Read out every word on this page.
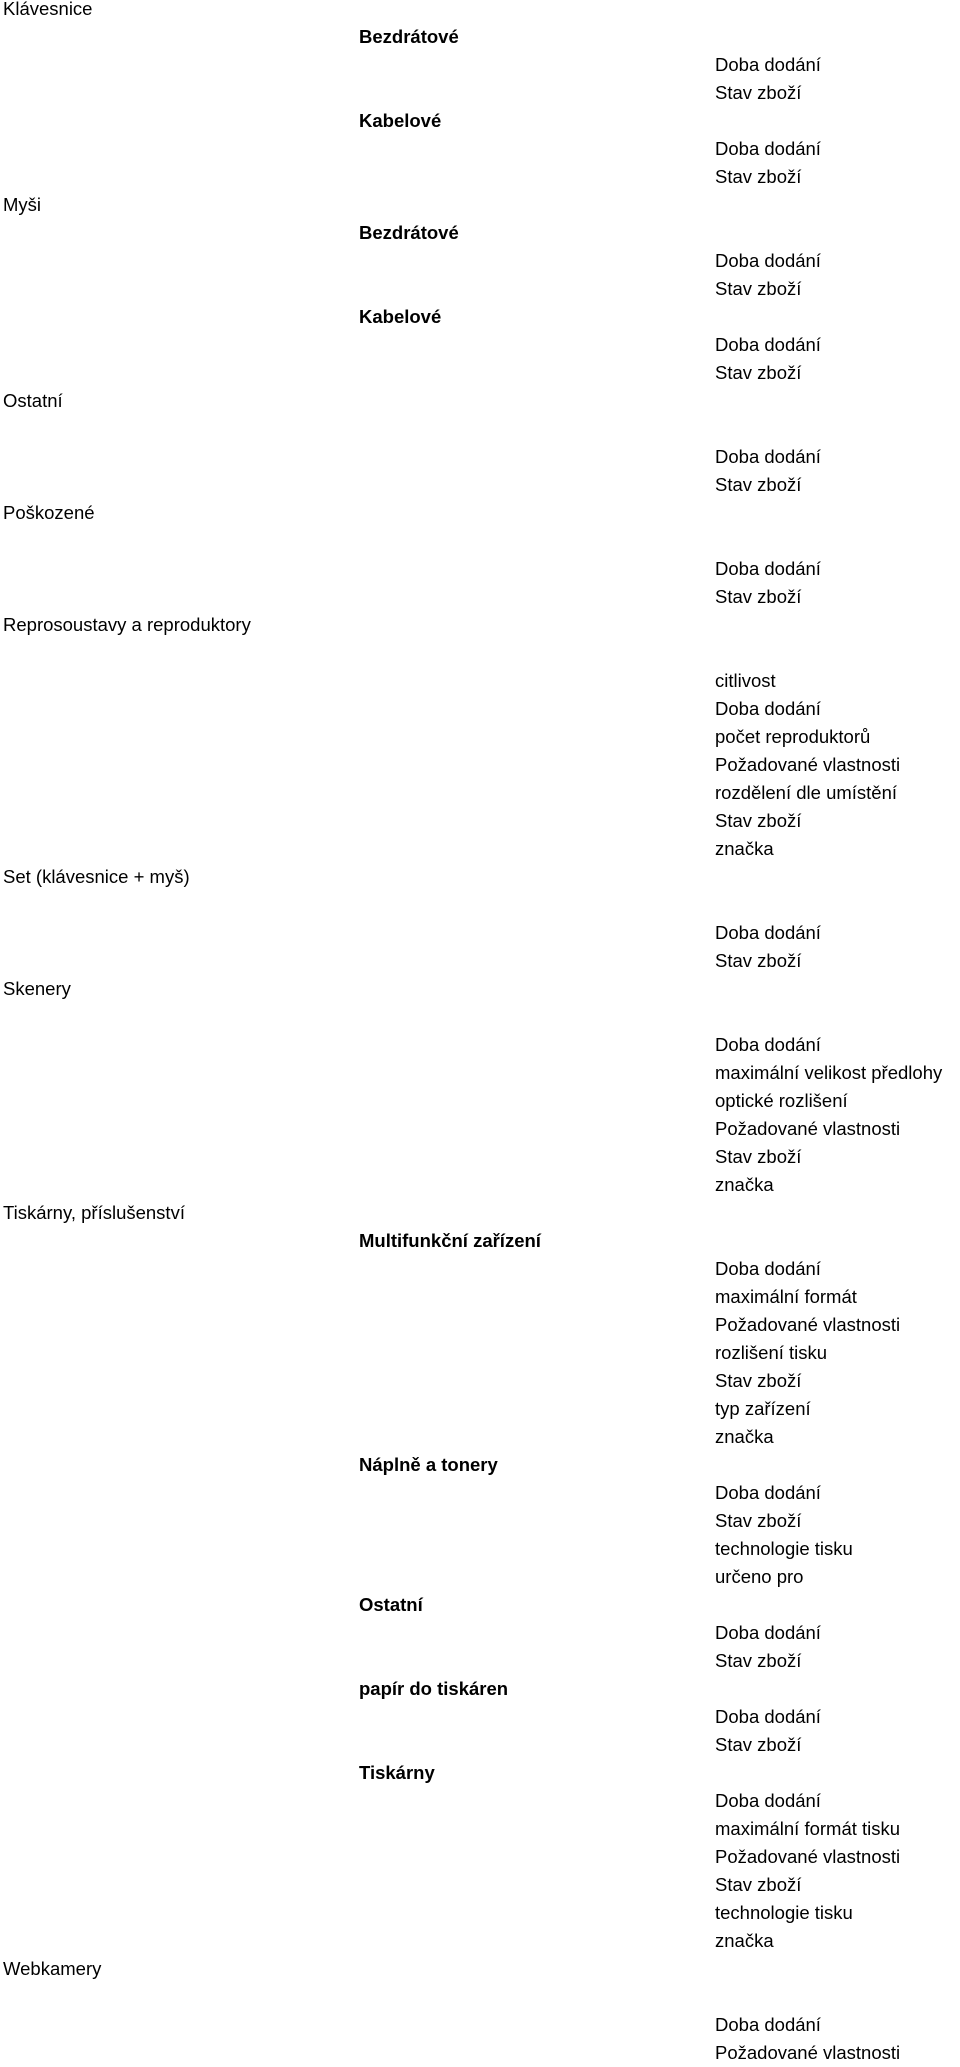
Klávesnice
Myši
Ostatní
Poškozené
Reprosoustavy a reproduktory
Set (klávesnice + myš)
Skenery
Tiskárny, příslušenství
Webkamery
Bezdrátové
Kabelové
Bezdrátové
Kabelové
Multifunkční zařízení
Náplně a tonery
Ostatní
papír do tiskáren
Tiskárny
Doba dodání
Stav zboží
Doba dodání
Stav zboží
Doba dodání
Stav zboží
Doba dodání
Stav zboží
Doba dodání
Stav zboží
Doba dodání
Stav zboží
citlivost
Doba dodání
počet reproduktorů
Požadované vlastnosti
rozdělení dle umístění
Stav zboží
značka
Doba dodání
Stav zboží
Doba dodání
maximální velikost předlohy
optické rozlišení
Požadované vlastnosti
Stav zboží
značka
Doba dodání
maximální formát
Požadované vlastnosti
rozlišení tisku
Stav zboží
typ zařízení
značka
Doba dodání
Stav zboží
technologie tisku
určeno pro
Doba dodání
Stav zboží
Doba dodání
Stav zboží
Doba dodání
maximální formát tisku
Požadované vlastnosti
Stav zboží
technologie tisku
značka
Doba dodání
Požadované vlastnosti
